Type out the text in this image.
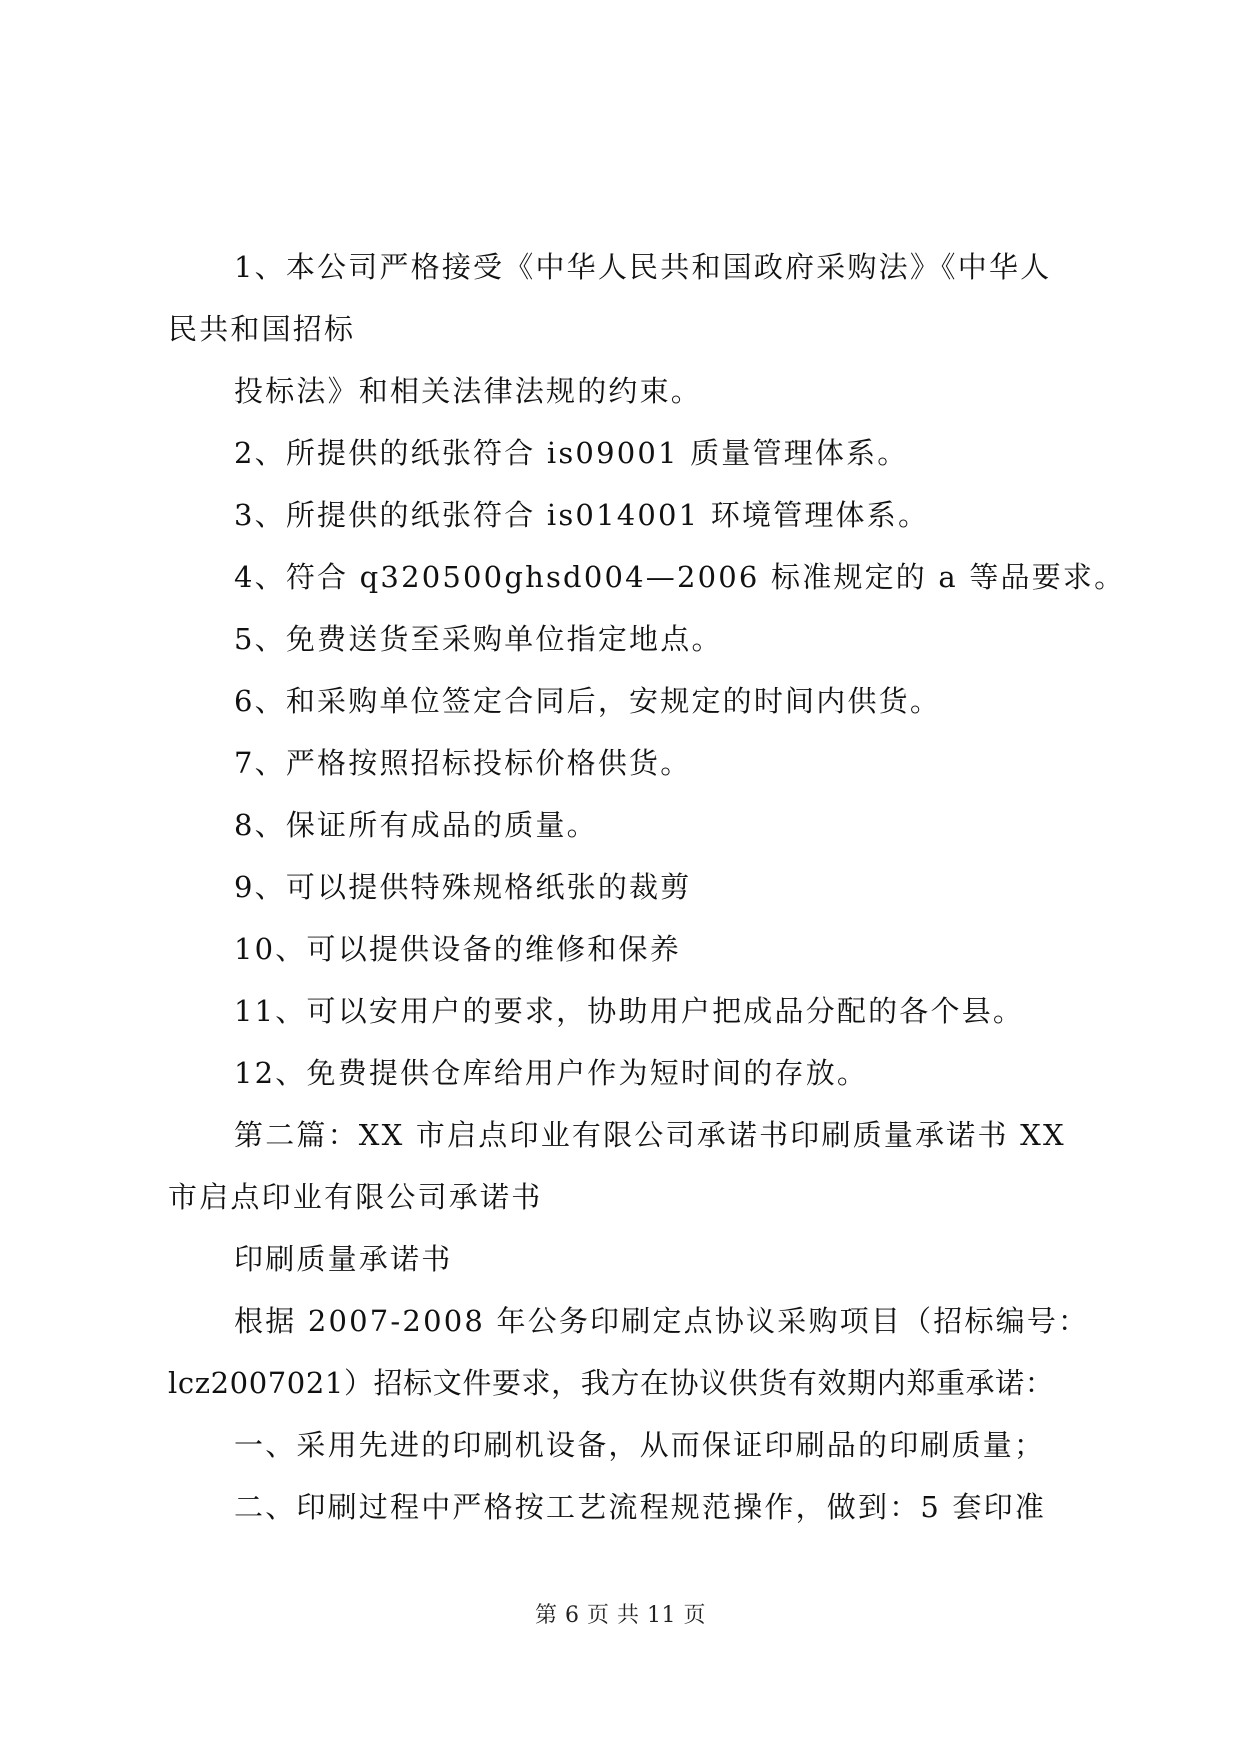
1、本公司严格接受《中华人民共和国政府采购法》《中华人

民共和国招标

投标法》和相关法律法规的约束。

2、所提供的纸张符合 is09001 质量管理体系。

3、所提供的纸张符合 is014001 环境管理体系。

4、符合 q320500ghsd004—2006 标准规定的 a 等品要求。

5、免费送货至采购单位指定地点。

6、和采购单位签定合同后，安规定的时间内供货。

7、严格按照招标投标价格供货。

8、保证所有成品的质量。

9、可以提供特殊规格纸张的裁剪

10、可以提供设备的维修和保养

11、可以安用户的要求，协助用户把成品分配的各个县。

12、免费提供仓库给用户作为短时间的存放。

第二篇：XX 市启点印业有限公司承诺书印刷质量承诺书 XX

市启点印业有限公司承诺书

印刷质量承诺书

根据 2007-2008 年公务印刷定点协议采购项目（招标编号：

lcz2007021）招标文件要求，我方在协议供货有效期内郑重承诺：

一、采用先进的印刷机设备，从而保证印刷品的印刷质量；

二、印刷过程中严格按工艺流程规范操作，做到：5 套印准

第 6 页 共 11 页
